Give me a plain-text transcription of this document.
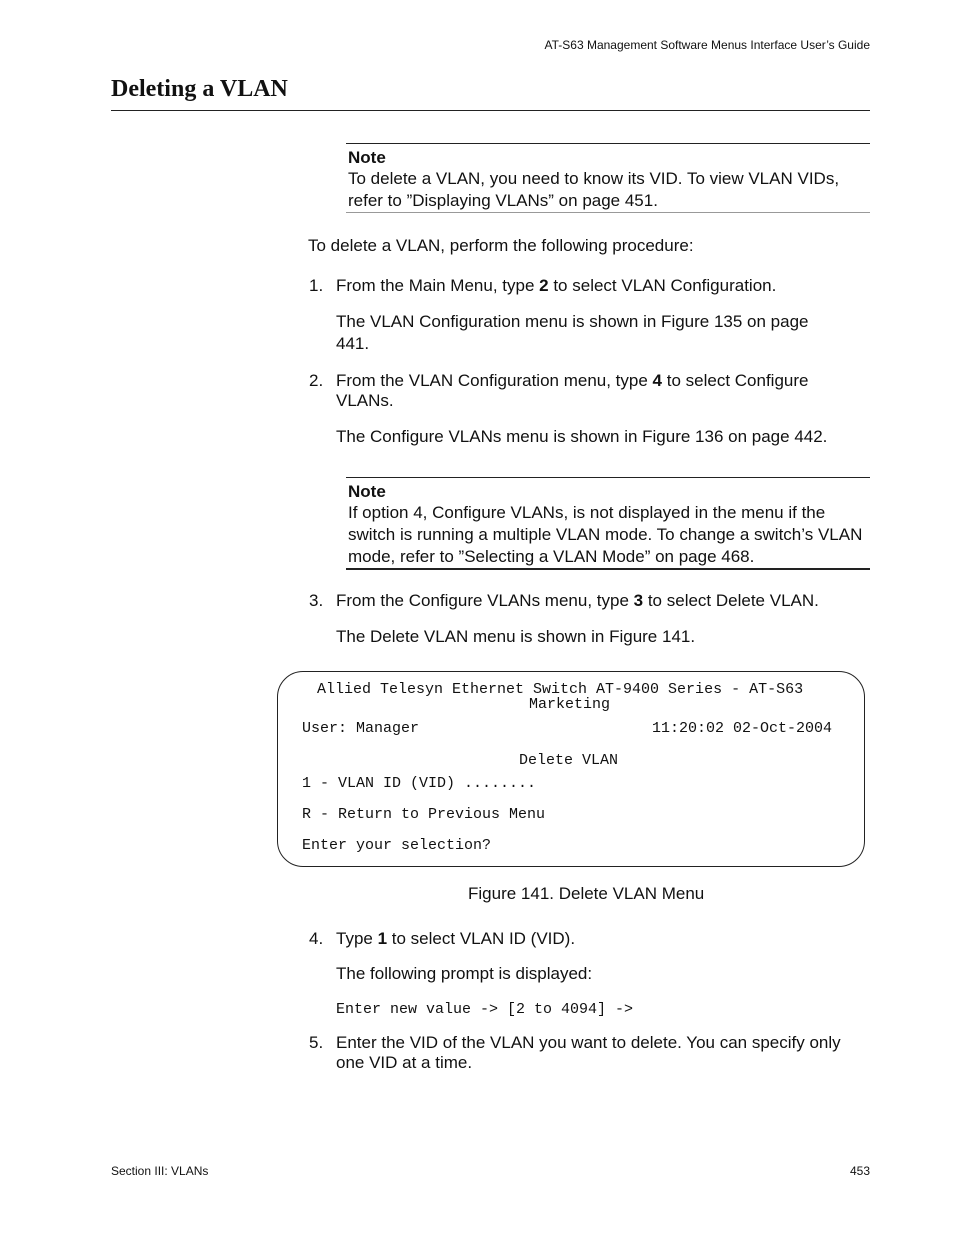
AT-S63 Management Software Menus Interface User’s Guide
Deleting a VLAN
Note
To delete a VLAN, you need to know its VID. To view VLAN VIDs, refer to ”Displaying VLANs” on page 451.
To delete a VLAN, perform the following procedure:
1. From the Main Menu, type 2 to select VLAN Configuration.
The VLAN Configuration menu is shown in Figure 135 on page 441.
2. From the VLAN Configuration menu, type 4 to select Configure VLANs.
The Configure VLANs menu is shown in Figure 136 on page 442.
Note
If option 4, Configure VLANs, is not displayed in the menu if the switch is running a multiple VLAN mode. To change a switch’s VLAN mode, refer to ”Selecting a VLAN Mode” on page 468.
3. From the Configure VLANs menu, type 3 to select Delete VLAN.
The Delete VLAN menu is shown in Figure 141.
Allied Telesyn Ethernet Switch AT-9400 Series - AT-S63
Marketing
User: Manager	11:20:02 02-Oct-2004
Delete VLAN
1 - VLAN ID (VID) ........
R - Return to Previous Menu
Enter your selection?
Figure 141. Delete VLAN Menu
4. Type 1 to select VLAN ID (VID).
The following prompt is displayed:
Enter new value -> [2 to 4094] ->
5. Enter the VID of the VLAN you want to delete. You can specify only one VID at a time.
Section III: VLANs	453
